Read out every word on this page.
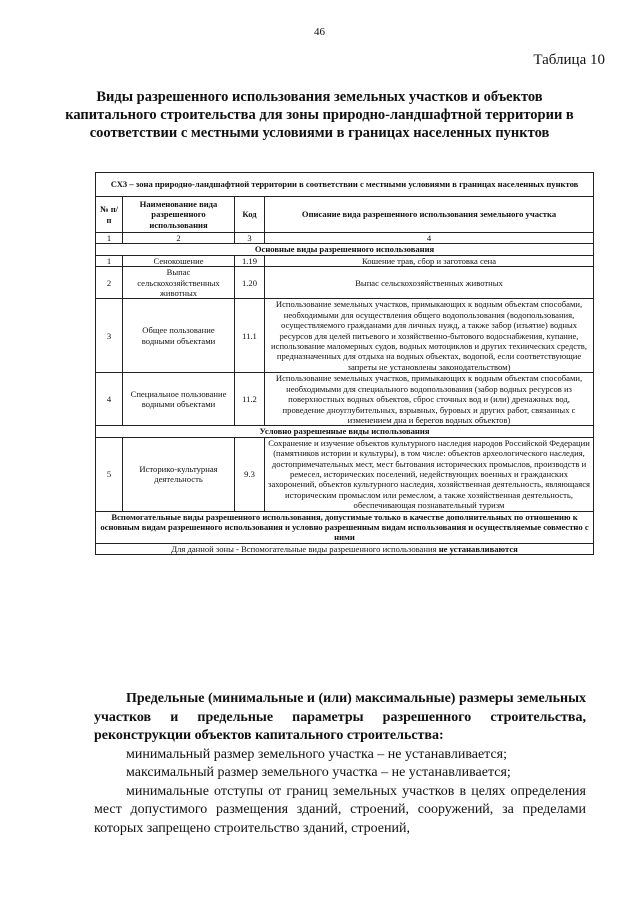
46
Таблица 10
Виды разрешенного использования земельных участков и объектов капитального строительства для зоны природно-ландшафтной территории в соответствии с местными условиями в границах населенных пунктов
СХ3 – зона природно-ландшафтной территории в соответствии с местными условиями в границах населенных пунктов			
№ п/п	Наименование вида разрешенного использования	Код	Описание вида разрешенного использования земельного участка
1	2	3	4
Основные виды разрешенного использования			
1	Сенокошение	1.19	Кошение трав, сбор и заготовка сена
2	Выпас сельскохозяйственных животных	1.20	Выпас сельскохозяйственных животных
3	Общее пользование водными объектами	11.1	Использование земельных участков, примыкающих к водным объектам способами, необходимыми для осуществления общего водопользования (водопользования, осуществляемого гражданами для личных нужд, а также забор (изъятие) водных ресурсов для целей питьевого и хозяйственно-бытового водоснабжения, купание, использование маломерных судов, водных мотоциклов и других технических средств, предназначенных для отдыха на водных объектах, водопой, если соответствующие запреты не установлены законодательством)
4	Специальное пользование водными объектами	11.2	Использование земельных участков, примыкающих к водным объектам способами, необходимыми для специального водопользования (забор водных ресурсов из поверхностных водных объектов, сброс сточных вод и (или) дренажных вод, проведение дноуглубительных, взрывных, буровых и других работ, связанных с изменением дна и берегов водных объектов)
Условно разрешенные виды использования			
5	Историко-культурная деятельность	9.3	Сохранение и изучение объектов культурного наследия народов Российской Федерации (памятников истории и культуры), в том числе: объектов археологического наследия, достопримечательных мест, мест бытования исторических промыслов, производств и ремесел, исторических поселений, недействующих военных и гражданских захоронений, объектов культурного наследия, хозяйственная деятельность, являющаяся историческим промыслом или ремеслом, а также хозяйственная деятельность, обеспечивающая познавательный туризм
Вспомогательные виды разрешенного использования, допустимые только в качестве дополнительных по отношению к основным видам разрешенного использования и условно разрешенным видам использования и осуществляемые совместно с ними			
Для данной зоны - Вспомогательные виды разрешенного использования не устанавливаются			

Предельные (минимальные и (или) максимальные) размеры земельных участков и предельные параметры разрешенного строительства, реконструкции объектов капитального строительства:

минимальный размер земельного участка – не устанавливается;

максимальный размер земельного участка – не устанавливается;

минимальные отступы от границ земельных участков в целях определения мест допустимого размещения зданий, строений, сооружений, за пределами которых запрещено строительство зданий, строений,
